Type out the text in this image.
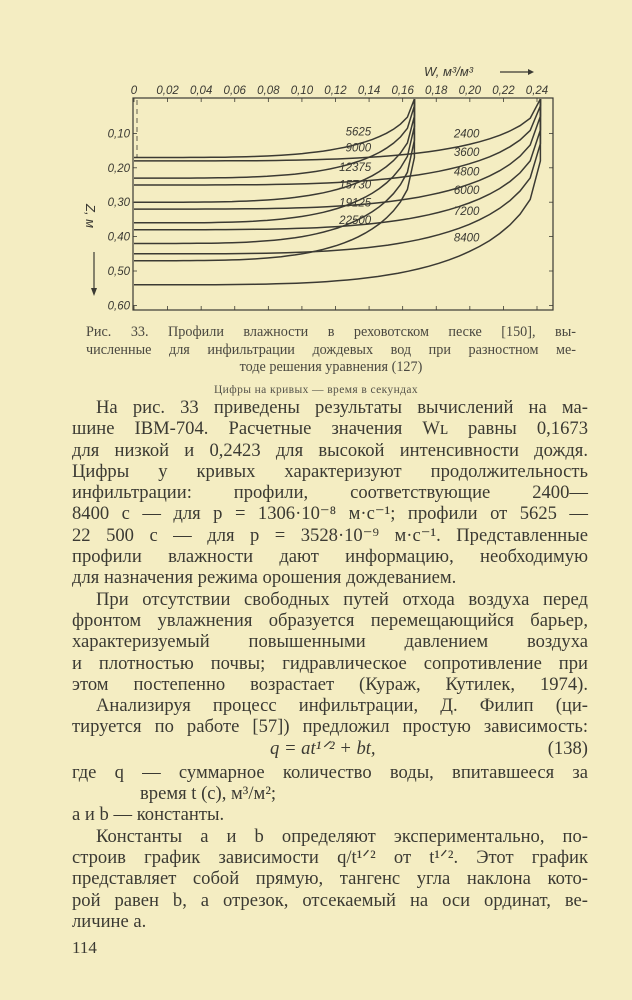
0 0,02 0,04 0,06 0,08 0,10 0,12 0,14 0,16 0,18 0,20 0,22 0,24
0,10
0,20
0,30
0,40
0,50
0,60
5625
9000
12375
15730
19125
22500
2400
3600
4800
6000
7200
8400
W, м³/м³
Z, м
Рис. 33. Профили влажности в реховотском песке [150], вы-
численные для инфильтрации дождевых вод при разностном ме-
тоде решения уравнения (127)
Цифры на кривых — время в секундах
На рис. 33 приведены результаты вычислений на ма-
шине IBM-704. Расчетные значения Wʟ равны 0,1673
для низкой и 0,2423 для высокой интенсивности дождя.
Цифры у кривых характеризуют продолжительность
инфильтрации: профили, соответствующие 2400—
8400 с — для p = 1306·10⁻⁸ м·с⁻¹; профили от 5625 —
22 500 с — для p = 3528·10⁻⁹ м·с⁻¹. Представленные
профили влажности дают информацию, необходимую
для назначения режима орошения дождеванием.
При отсутствии свободных путей отхода воздуха перед
фронтом увлажнения образуется перемещающийся барьер,
характеризуемый повышенными давлением воздуха
и плотностью почвы; гидравлическое сопротивление при
этом постепенно возрастает (Кураж, Кутилек, 1974).
Анализируя процесс инфильтрации, Д. Филип (ци-
тируется по работе [57]) предложил простую зависимость:
q = at¹ᐟ² + bt,	(138)
где q — суммарное количество воды, впитавшееся за
время t (с), м³/м²;
a и b — константы.
Константы a и b определяют экспериментально, по-
строив график зависимости q/t¹ᐟ² от t¹ᐟ². Этот график
представляет собой прямую, тангенс угла наклона кото-
рой равен b, а отрезок, отсекаемый на оси ординат, ве-
личине a.
114
